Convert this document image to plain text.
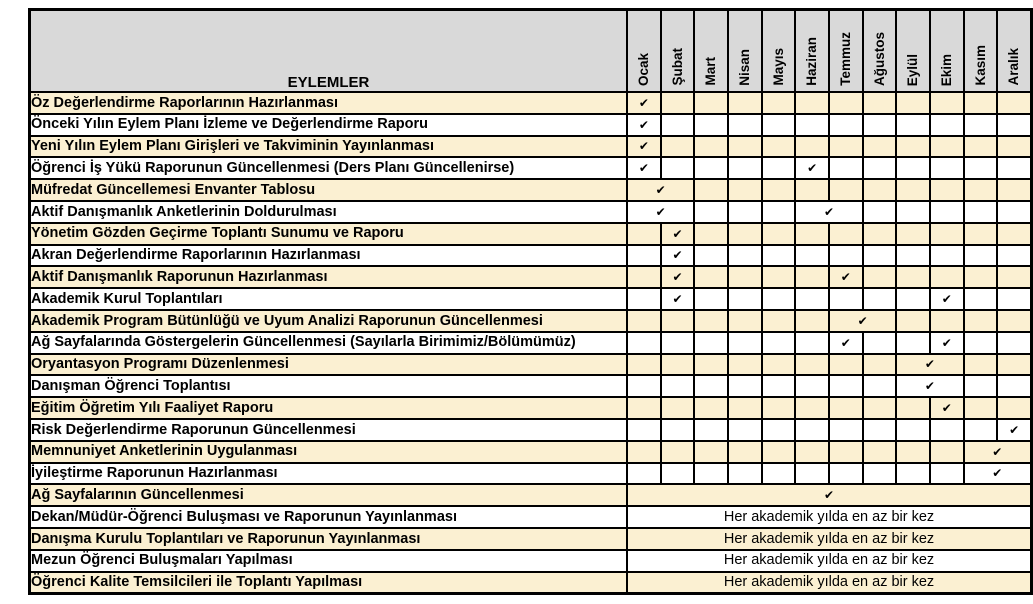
EYLEMLER	Ocak	Şubat	Mart	Nisan	Mayıs	Haziran	Temmuz	Ağustos	Eylül	Ekim	Kasım	Aralık
Öz Değerlendirme Raporlarının Hazırlanması	✔											
Önceki Yılın Eylem Planı İzleme ve Değerlendirme Raporu	✔											
Yeni Yılın Eylem Planı Girişleri ve Takviminin Yayınlanması	✔											
Öğrenci İş Yükü Raporunun Güncellenmesi (Ders Planı Güncellenirse)	✔					✔						
Müfredat Güncellemesi Envanter Tablosu	✔											
Aktif Danışmanlık Anketlerinin Doldurulması	✔					✔						
Yönetim Gözden Geçirme Toplantı Sunumu ve Raporu		✔										
Akran Değerlendirme Raporlarının Hazırlanması		✔										
Aktif Danışmanlık Raporunun Hazırlanması		✔					✔					
Akademik Kurul Toplantıları		✔								✔		
Akademik Program Bütünlüğü ve Uyum Analizi Raporunun Güncellenmesi							✔					
Ağ Sayfalarında Göstergelerin Güncellenmesi (Sayılarla Birimimiz/Bölümümüz)							✔			✔		
Oryantasyon Programı Düzenlenmesi									✔			
Danışman Öğrenci Toplantısı									✔			
Eğitim Öğretim Yılı Faaliyet Raporu										✔		
Risk Değerlendirme Raporunun Güncellenmesi												✔
Memnuniyet Anketlerinin Uygulanması											✔	
İyileştirme Raporunun Hazırlanması											✔	
Ağ Sayfalarının Güncellenmesi	✔											
Dekan/Müdür-Öğrenci Buluşması ve Raporunun Yayınlanması	Her akademik yılda en az bir kez											
Danışma Kurulu Toplantıları ve Raporunun Yayınlanması	Her akademik yılda en az bir kez											
Mezun Öğrenci Buluşmaları Yapılması	Her akademik yılda en az bir kez											
Öğrenci Kalite Temsilcileri ile Toplantı Yapılması	Her akademik yılda en az bir kez											
